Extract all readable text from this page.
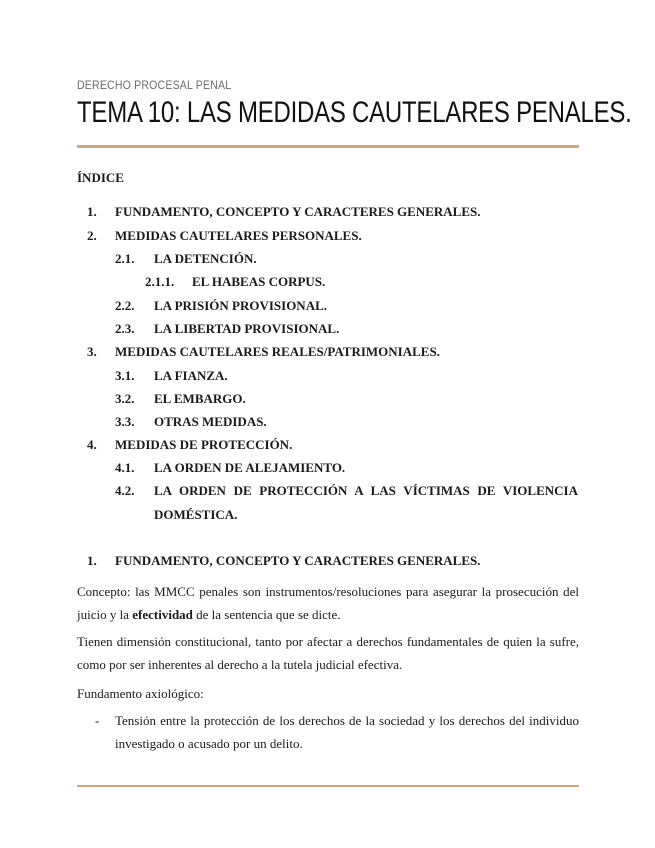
DERECHO PROCESAL PENAL
TEMA 10: LAS MEDIDAS CAUTELARES PENALES.
ÍNDICE
1. FUNDAMENTO, CONCEPTO Y CARACTERES GENERALES.
2. MEDIDAS CAUTELARES PERSONALES.
2.1. LA DETENCIÓN.
2.1.1. EL HABEAS CORPUS.
2.2. LA PRISIÓN PROVISIONAL.
2.3. LA LIBERTAD PROVISIONAL.
3. MEDIDAS CAUTELARES REALES/PATRIMONIALES.
3.1. LA FIANZA.
3.2. EL EMBARGO.
3.3. OTRAS MEDIDAS.
4. MEDIDAS DE PROTECCIÓN.
4.1. LA ORDEN DE ALEJAMIENTO.
4.2. LA ORDEN DE PROTECCIÓN A LAS VÍCTIMAS DE VIOLENCIA DOMÉSTICA.
1. FUNDAMENTO, CONCEPTO Y CARACTERES GENERALES.
Concepto: las MMCC penales son instrumentos/resoluciones para asegurar la prosecución del juicio y la efectividad de la sentencia que se dicte.
Tienen dimensión constitucional, tanto por afectar a derechos fundamentales de quien la sufre, como por ser inherentes al derecho a la tutela judicial efectiva.
Fundamento axiológico:
- Tensión entre la protección de los derechos de la sociedad y los derechos del individuo investigado o acusado por un delito.
